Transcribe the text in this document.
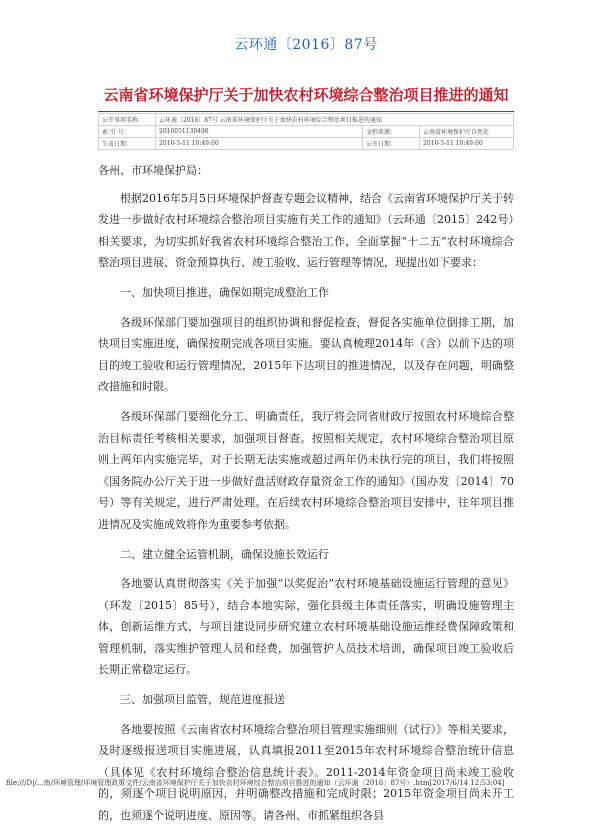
云环通〔2016〕87号
云南省环境保护厅关于加快农村环境综合整治项目推进的通知
公开事项名称：	云环通〔2016〕87号 云南省环境保护厅关于加快农村环境综合整治项目推进的通知		
索 引 号：	2016051130490	文档来源：	云南省环境保护厅自然处
生成日期：	2016-5-11 10:49:00	公开日期：	2016-5-11 10:49:00

各州、市环境保护局：

根据2016年5月5日环境保护督查专题会议精神，结合《云南省环境保护厅关于转发进一步做好农村环境综合整治项目实施有关工作的通知》（云环通〔2015〕242号）相关要求，为切实抓好我省农村环境综合整治工作，全面掌握“十二五”农村环境综合整治项目进展、资金预算执行、竣工验收、运行管理等情况，现提出如下要求：

一、加快项目推进，确保如期完成整治工作

各级环保部门要加强项目的组织协调和督促检查，督促各实施单位倒排工期，加快项目实施进度，确保按期完成各项目实施。要认真梳理2014年（含）以前下达的项目的竣工验收和运行管理情况，2015年下达项目的推进情况，以及存在问题，明确整改措施和时限。

各级环保部门要细化分工、明确责任，我厅将会同省财政厅按照农村环境综合整治目标责任考核相关要求，加强项目督查。按照相关规定，农村环境综合整治项目原则上两年内实施完毕，对于长期无法实施或超过两年仍未执行完的项目，我们将按照《国务院办公厅关于进一步做好盘活财政存量资金工作的通知》（国办发〔2014〕70号）等有关规定，进行严肃处理。在后续农村环境综合整治项目安排中，往年项目推进情况及实施成效将作为重要参考依据。

二、建立健全运管机制，确保设施长效运行

各地要认真贯彻落实《关于加强“以奖促治”农村环境基础设施运行管理的意见》（环发〔2015〕85号），结合本地实际，强化县级主体责任落实，明确设施管理主体，创新运维方式，与项目建设同步研究建立农村环境基础设施运维经费保障政策和管理机制，落实维护管理人员和经费，加强管护人员技术培训，确保项目竣工验收后长期正常稳定运行。

三、加强项目监管，规范进度报送

各地要按照《云南省农村环境综合整治项目管理实施细则（试行）》等相关要求，及时逐级报送项目实施进展，认真填报2011至2015年农村环境综合整治统计信息（具体见《农村环境综合整治信息统计表》。2011-2014年资金项目尚未竣工验收的，须逐个项目说明原因，并明确整改措施和完成时限；2015年资金项目尚未开工的，也须逐个说明进度、原因等。请各州、市抓紧组织各县

file:///D|/...南/环境管理/环境管理政策文件/云南省环境保护厅关于加快农村环境综合整治项目推进的通知（云环通〔2016〕87号）.htm[2017/6/14 12:53:04]
